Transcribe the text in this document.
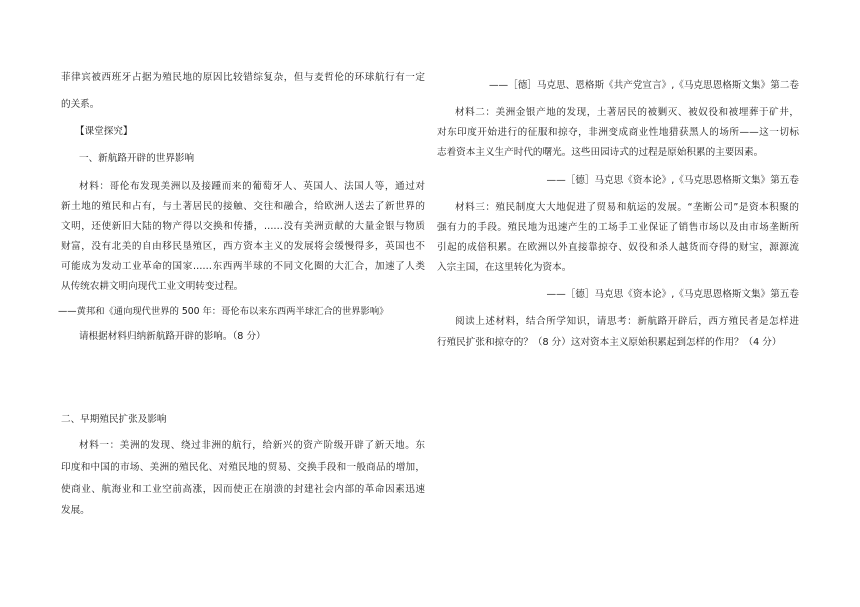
菲律宾被西班牙占据为殖民地的原因比较错综复杂，但与麦哲伦的环球航行有一定
的关系。
【课堂探究】
一、新航路开辟的世界影响
材料：哥伦布发现美洲以及接踵而来的葡萄牙人、英国人、法国人等，通过对
新土地的殖民和占有，与土著居民的接触、交往和融合，给欧洲人送去了新世界的
文明，还使新旧大陆的物产得以交换和传播，……没有美洲贡献的大量金银与物质
财富，没有北美的自由移民垦殖区，西方资本主义的发展将会缓慢得多，英国也不
可能成为发动工业革命的国家……东西两半球的不同文化圈的大汇合，加速了人类
从传统农耕文明向现代工业文明转变过程。
——黄邦和《通向现代世界的 500 年：哥伦布以来东西两半球汇合的世界影响》
请根据材料归纳新航路开辟的影响。（8 分）
二、早期殖民扩张及影响
材料一：美洲的发现、绕过非洲的航行，给新兴的资产阶级开辟了新天地。东
印度和中国的市场、美洲的殖民化、对殖民地的贸易、交换手段和一般商品的增加，
使商业、航海业和工业空前高涨，因而使正在崩溃的封建社会内部的革命因素迅速
发展。
——［德］马克思、恩格斯《共产党宣言》,《马克思恩格斯文集》第二卷
材料二：美洲金银产地的发现，土著居民的被剿灭、被奴役和被埋葬于矿井，
对东印度开始进行的征服和掠夺，非洲变成商业性地猎获黑人的场所——这一切标
志着资本主义生产时代的曙光。这些田园诗式的过程是原始积累的主要因素。
——［德］马克思《资本论》,《马克思恩格斯文集》第五卷
材料三：殖民制度大大地促进了贸易和航运的发展。“垄断公司”是资本积聚的
强有力的手段。殖民地为迅速产生的工场手工业保证了销售市场以及由市场垄断所
引起的成倍积累。在欧洲以外直接靠掠夺、奴役和杀人越货而夺得的财宝，源源流
入宗主国，在这里转化为资本。
——［德］马克思《资本论》,《马克思恩格斯文集》第五卷
阅读上述材料，结合所学知识，请思考：新航路开辟后，西方殖民者是怎样进
行殖民扩张和掠夺的？（8 分）这对资本主义原始积累起到怎样的作用？（4 分）
